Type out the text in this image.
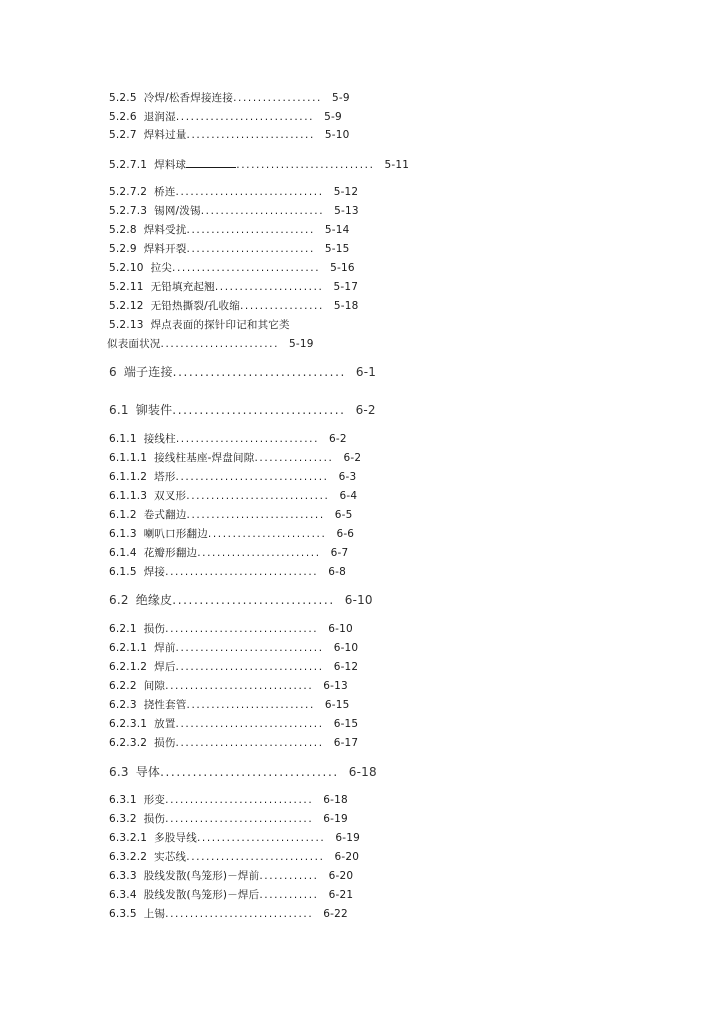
5.2.5 冷焊/松香焊接连接.................. 5-9
5.2.6 退润湿............................ 5-9
5.2.7 焊料过量.......................... 5-10
5.2.7.1 焊料球	............................ 5-11
5.2.7.2 桥连.............................. 5-12
5.2.7.3 锡网/泼锡......................... 5-13
5.2.8 焊料受扰.......................... 5-14
5.2.9 焊料开裂.......................... 5-15
5.2.10 拉尖.............................. 5-16
5.2.11 无铅填充起翘...................... 5-17
5.2.12 无铅热撕裂/孔收缩................. 5-18
5.2.13 焊点表面的探针印记和其它类
似表面状况........................ 5-19
6 端子连接................................ 6-1
6.1 铆装件................................ 6-2
6.1.1 接线柱............................. 6-2
6.1.1.1 接线柱基座-焊盘间隙................ 6-2
6.1.1.2 塔形............................... 6-3
6.1.1.3 双叉形............................. 6-4
6.1.2 卷式翻边............................ 6-5
6.1.3 喇叭口形翻边........................ 6-6
6.1.4 花瓣形翻边......................... 6-7
6.1.5 焊接............................... 6-8
6.2 绝缘皮.............................. 6-10
6.2.1 损伤............................... 6-10
6.2.1.1 焊前.............................. 6-10
6.2.1.2 焊后.............................. 6-12
6.2.2 间隙.............................. 6-13
6.2.3 挠性套管.......................... 6-15
6.2.3.1 放置.............................. 6-15
6.2.3.2 损伤.............................. 6-17
6.3 导体................................. 6-18
6.3.1 形变.............................. 6-18
6.3.2 损伤.............................. 6-19
6.3.2.1 多股导线.......................... 6-19
6.3.2.2 实芯线............................ 6-20
6.3.3 股线发散(鸟笼形)－焊前............ 6-20
6.3.4 股线发散(鸟笼形)－焊后............ 6-21
6.3.5 上锡.............................. 6-22
